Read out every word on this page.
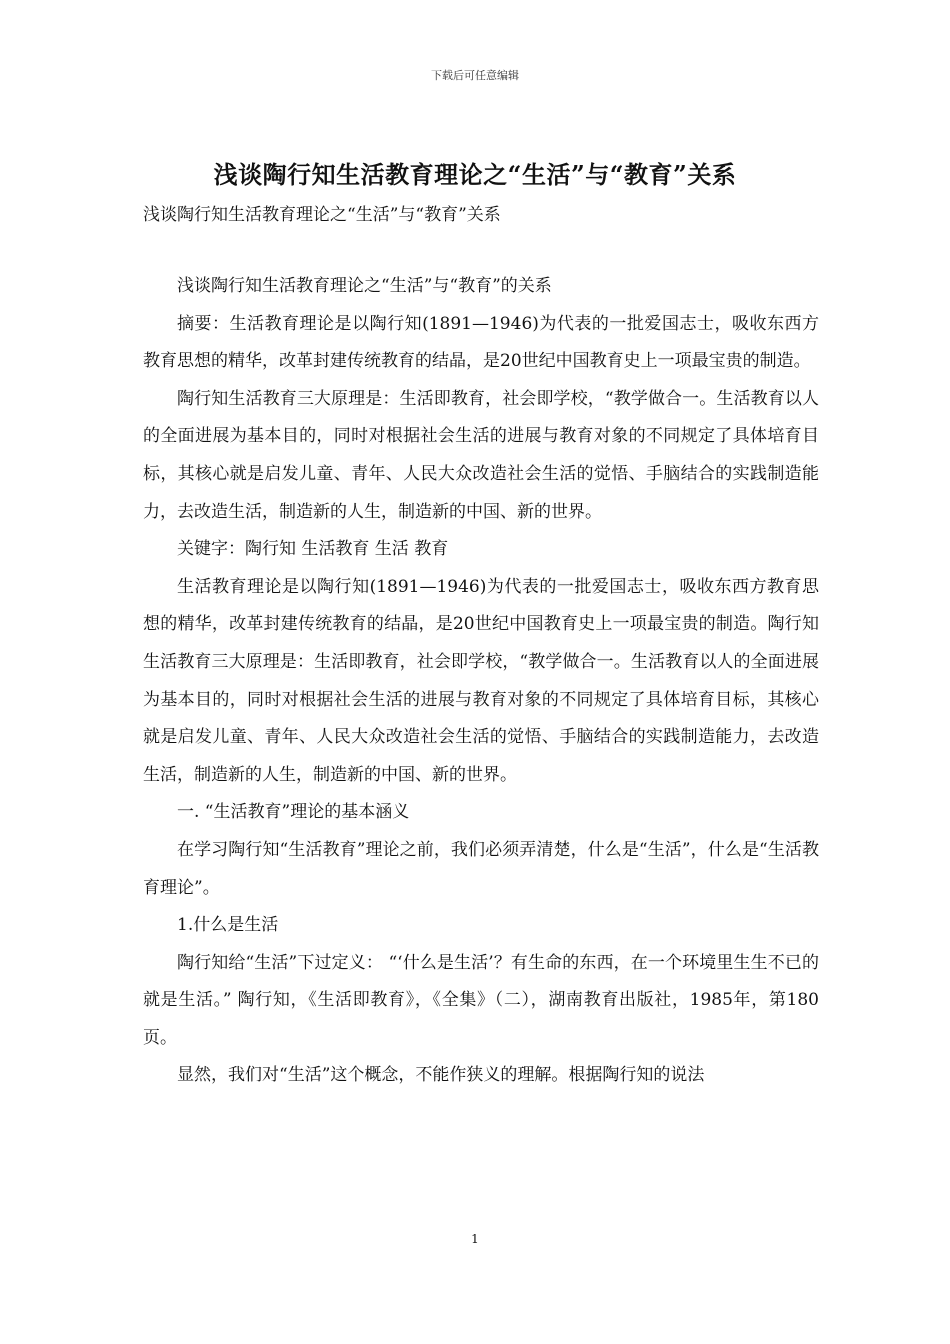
下载后可任意编辑
浅谈陶行知生活教育理论之“生活”与“教育”关系
浅谈陶行知生活教育理论之“生活”与“教育”关系

浅谈陶行知生活教育理论之“生活”与“教育”的关系

摘要：生活教育理论是以陶行知(1891—1946)为代表的一批爱国志士，吸收东西方教育思想的精华，改革封建传统教育的结晶，是20世纪中国教育史上一项最宝贵的制造。

陶行知生活教育三大原理是：生活即教育，社会即学校，“教学做合一。生活教育以人的全面进展为基本目的，同时对根据社会生活的进展与教育对象的不同规定了具体培育目标，其核心就是启发儿童、青年、人民大众改造社会生活的觉悟、手脑结合的实践制造能力，去改造生活，制造新的人生，制造新的中国、新的世界。

关键字：陶行知 生活教育 生活 教育

生活教育理论是以陶行知(1891—1946)为代表的一批爱国志士，吸收东西方教育思想的精华，改革封建传统教育的结晶，是20世纪中国教育史上一项最宝贵的制造。陶行知生活教育三大原理是：生活即教育，社会即学校，“教学做合一。生活教育以人的全面进展为基本目的，同时对根据社会生活的进展与教育对象的不同规定了具体培育目标，其核心就是启发儿童、青年、人民大众改造社会生活的觉悟、手脑结合的实践制造能力，去改造生活，制造新的人生，制造新的中国、新的世界。

一. “生活教育”理论的基本涵义

在学习陶行知“生活教育”理论之前，我们必须弄清楚，什么是“生活”，什么是“生活教育理论”。

1.什么是生活

陶行知给“生活”下过定义： “‘什么是生活’？有生命的东西，在一个环境里生生不已的就是生活。” 陶行知，《生活即教育》，《全集》（二），湖南教育出版社，1985年，第180页。

显然，我们对“生活”这个概念，不能作狭义的理解。根据陶行知的说法

1
